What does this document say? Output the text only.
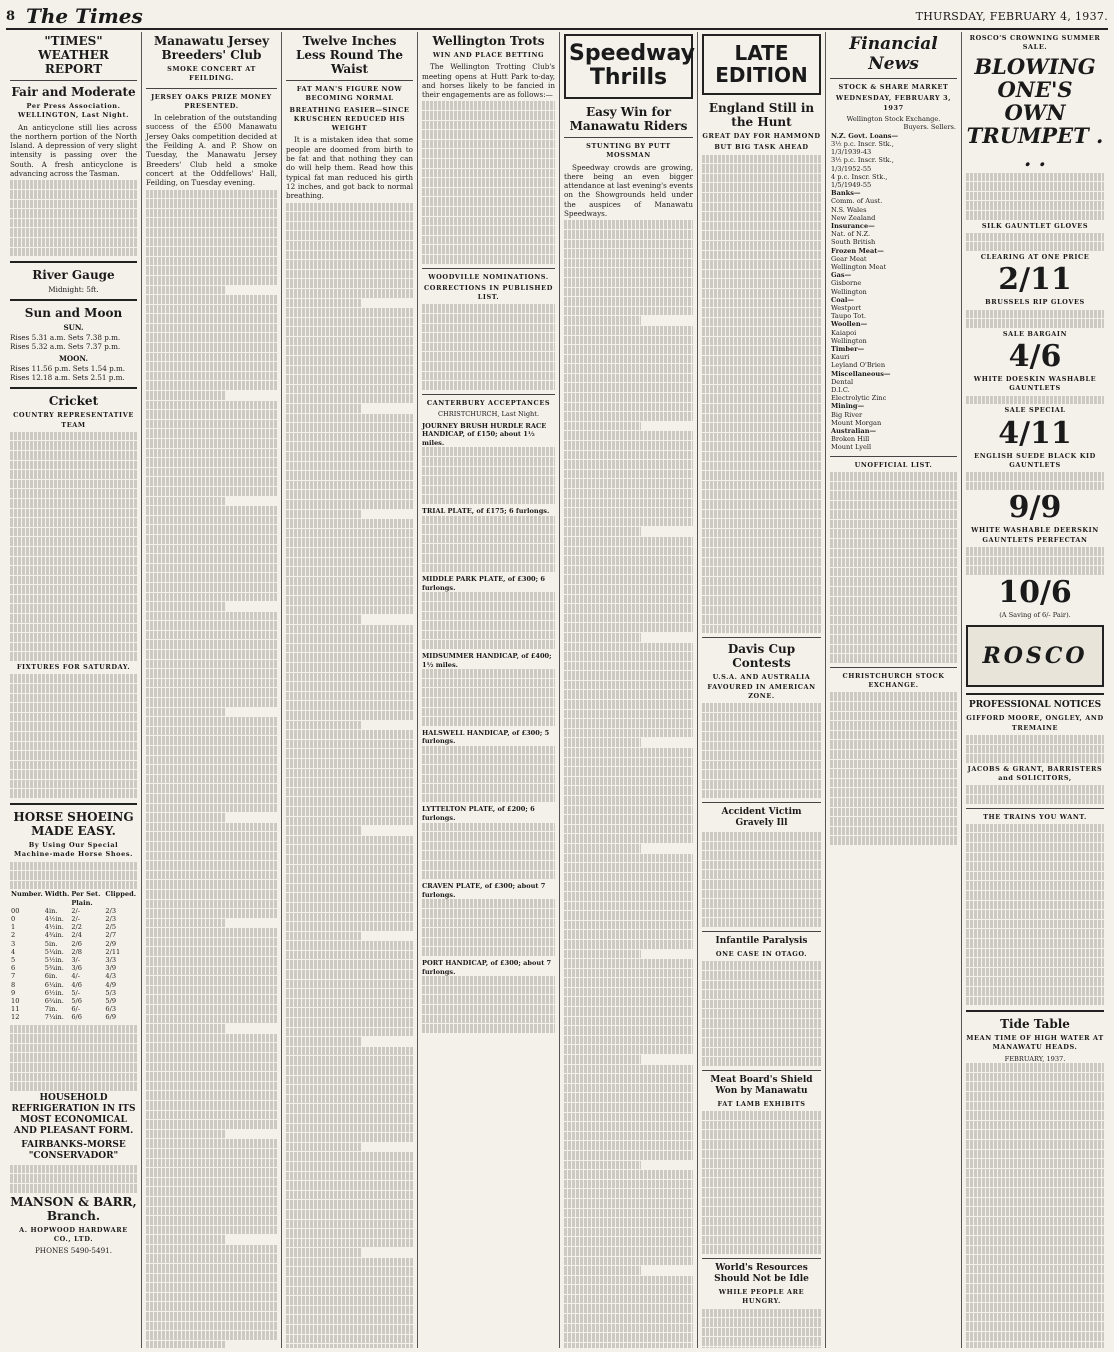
8 The Times	THURSDAY, FEBRUARY 4, 1937.
"TIMES" WEATHER REPORT
Fair and Moderate
Per Press Association. WELLINGTON, Last Night.
An anticyclone still lies across the northern portion of the North Island. A depression of very slight intensity is passing over the South. A fresh anticyclone is advancing across the Tasman.
River Gauge
Midnight: 5ft.
Sun and Moon
SUN.
Rises 5.31 a.m. Sets 7.38 p.m.
Rises 5.32 a.m. Sets 7.37 p.m.
MOON.
Rises 11.56 p.m. Sets 1.54 p.m.
Rises 12.18 a.m. Sets 2.51 p.m.
Cricket
COUNTRY REPRESENTATIVE TEAM
FIXTURES FOR SATURDAY.
HORSE SHOEING MADE EASY.
By Using Our Special Machine-made Horse Shoes.
Number.	Width.	Per Set. Plain.	Clipped.
00	4in.	2/-	2/3
0	4½in.	2/-	2/3
1	4½in.	2/2	2/5
2	4¾in.	2/4	2/7
3	5in.	2/6	2/9
4	5¼in.	2/8	2/11
5	5½in.	3/-	3/3
6	5¾in.	3/6	3/9
7	6in.	4/-	4/3
8	6¼in.	4/6	4/9
9	6½in.	5/-	5/3
10	6¾in.	5/6	5/9
11	7in.	6/-	6/3
12	7¼in.	6/6	6/9
HOUSEHOLD REFRIGERATION IN ITS MOST ECONOMICAL AND PLEASANT FORM.
FAIRBANKS-MORSE "CONSERVADOR"
MANSON & BARR, Branch.
A. HOPWOOD HARDWARE CO., LTD.
PHONES 5490-5491.
Manawatu Jersey Breeders' Club
SMOKE CONCERT AT FEILDING.
JERSEY OAKS PRIZE MONEY PRESENTED.
In celebration of the outstanding success of the £500 Manawatu Jersey Oaks competition decided at the Feilding A. and P. Show on Tuesday, the Manawatu Jersey Breeders' Club held a smoke concert at the Oddfellows' Hall, Feilding, on Tuesday evening.
Twelve Inches Less Round The Waist
FAT MAN'S FIGURE NOW BECOMING NORMAL
BREATHING EASIER—SINCE KRUSCHEN REDUCED HIS WEIGHT
It is a mistaken idea that some people are doomed from birth to be fat and that nothing they can do will help them. Read how this typical fat man reduced his girth 12 inches, and got back to normal breathing.
Wellington Trots
WIN AND PLACE BETTING
The Wellington Trotting Club's meeting opens at Hutt Park to-day, and horses likely to be fancied in their engagements are as follows:—
WOODVILLE NOMINATIONS.
CORRECTIONS IN PUBLISHED LIST.
CANTERBURY ACCEPTANCES
CHRISTCHURCH, Last Night.
JOURNEY BRUSH HURDLE RACE HANDICAP, of £150; about 1½ miles.
TRIAL PLATE, of £175; 6 furlongs.
MIDDLE PARK PLATE, of £300; 6 furlongs.
MIDSUMMER HANDICAP, of £400; 1½ miles.
HALSWELL HANDICAP, of £300; 5 furlongs.
LYTTELTON PLATE, of £200; 6 furlongs.
CRAVEN PLATE, of £300; about 7 furlongs.
PORT HANDICAP, of £300; about 7 furlongs.
Speedway Thrills
Easy Win for Manawatu Riders
STUNTING BY PUTT MOSSMAN
Speedway crowds are growing, there being an even bigger attendance at last evening's events on the Showgrounds held under the auspices of Manawatu Speedways.
LATE EDITION
England Still in the Hunt
GREAT DAY FOR HAMMOND
BUT BIG TASK AHEAD
Davis Cup Contests
U.S.A. AND AUSTRALIA FAVOURED IN AMERICAN ZONE.
Accident Victim Gravely Ill
Infantile Paralysis
ONE CASE IN OTAGO.
Meat Board's Shield Won by Manawatu
FAT LAMB EXHIBITS
World's Resources Should Not be Idle
WHILE PEOPLE ARE HUNGRY.
Financial News
STOCK & SHARE MARKET
WEDNESDAY, FEBRUARY 3, 1937
Wellington Stock Exchange.
	Buyers.	Sellers.
N.Z. Govt. Loans—		
3½ p.c. Inscr. Stk., 1/3/1939-43		
3½ p.c. Inscr. Stk., 1/3/1952-55		
4 p.c. Inscr. Stk., 1/5/1949-55		
Banks—		
Comm. of Aust.		
N.S. Wales		
New Zealand		
Insurance—		
Nat. of N.Z.		
South British		
Frozen Meat—		
Gear Meat		
Wellington Meat		
Gas—		
Gisborne		
Wellington		
Coal—		
Westport		
Taupo Tot.		
Woollen—		
Kaiapoi		
Wellington		
Timber—		
Kauri		
Leyland O'Brien		
Miscellaneous—		
Dental		
D.I.C.		
Electrolytic Zinc		
Mining—		
Big River		
Mount Morgan		
Australian—		
Broken Hill		
Mount Lyell		
UNOFFICIAL LIST.
CHRISTCHURCH STOCK EXCHANGE.
ROSCO'S CROWNING SUMMER SALE.
BLOWING ONE'S OWN TRUMPET . . .
SILK GAUNTLET GLOVES
CLEARING AT ONE PRICE
2/11
BRUSSELS RIP GLOVES
SALE BARGAIN
4/6
WHITE DOESKIN WASHABLE GAUNTLETS
SALE SPECIAL
4/11
ENGLISH SUEDE BLACK KID GAUNTLETS
9/9
WHITE WASHABLE DEERSKIN GAUNTLETS PERFECTAN
10/6
(A Saving of 6/- Pair).
ROSCO
PROFESSIONAL NOTICES
GIFFORD MOORE, ONGLEY, AND TREMAINE
JACOBS & GRANT, BARRISTERS and SOLICITORS,
THE TRAINS YOU WANT.
Tide Table
MEAN TIME OF HIGH WATER AT MANAWATU HEADS.
FEBRUARY, 1937.
